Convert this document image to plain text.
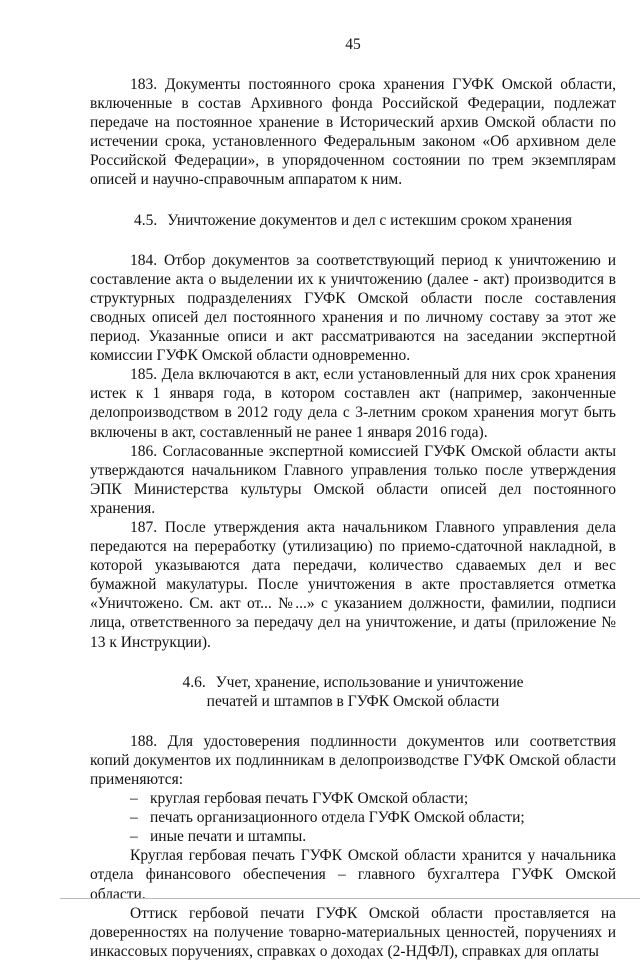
45

183. Документы постоянного срока хранения ГУФК Омской области, включенные в состав Архивного фонда Российской Федерации, подлежат передаче на постоянное хранение в Исторический архив Омской области по истечении срока, установленного Федеральным законом «Об архивном деле Российской Федерации», в упорядоченном состоянии по трем экземплярам описей и научно-справочным аппаратом к ним.

4.5. Уничтожение документов и дел с истекшим сроком хранения

184. Отбор документов за соответствующий период к уничтожению и составление акта о выделении их к уничтожению (далее - акт) производится в структурных подразделениях ГУФК Омской области после составления сводных описей дел постоянного хранения и по личному составу за этот же период. Указанные описи и акт рассматриваются на заседании экспертной комиссии ГУФК Омской области одновременно.

185. Дела включаются в акт, если установленный для них срок хранения истек к 1 января года, в котором составлен акт (например, законченные делопроизводством в 2012 году дела с 3-летним сроком хранения могут быть включены в акт, составленный не ранее 1 января 2016 года).

186. Согласованные экспертной комиссией ГУФК Омской области акты утверждаются начальником Главного управления только после утверждения ЭПК Министерства культуры Омской области описей дел постоянного хранения.

187. После утверждения акта начальником Главного управления дела передаются на переработку (утилизацию) по приемо-сдаточной накладной, в которой указываются дата передачи, количество сдаваемых дел и вес бумажной макулатуры. После уничтожения в акте проставляется отметка «Уничтожено. См. акт от... №...» с указанием должности, фамилии, подписи лица, ответственного за передачу дел на уничтожение, и даты (приложение № 13 к Инструкции).

4.6. Учет, хранение, использование и уничтожение
печатей и штампов в ГУФК Омской области

188. Для удостоверения подлинности документов или соответствия копий документов их подлинникам в делопроизводстве ГУФК Омской области применяются:

– круглая гербовая печать ГУФК Омской области;
– печать организационного отдела ГУФК Омской области;
– иные печати и штампы.

Круглая гербовая печать ГУФК Омской области хранится у начальника отдела финансового обеспечения – главного бухгалтера ГУФК Омской области.

Оттиск гербовой печати ГУФК Омской области проставляется на доверенностях на получение товарно-материальных ценностей, поручениях и инкассовых поручениях, справках о доходах (2-НДФЛ), справках для оплаты
